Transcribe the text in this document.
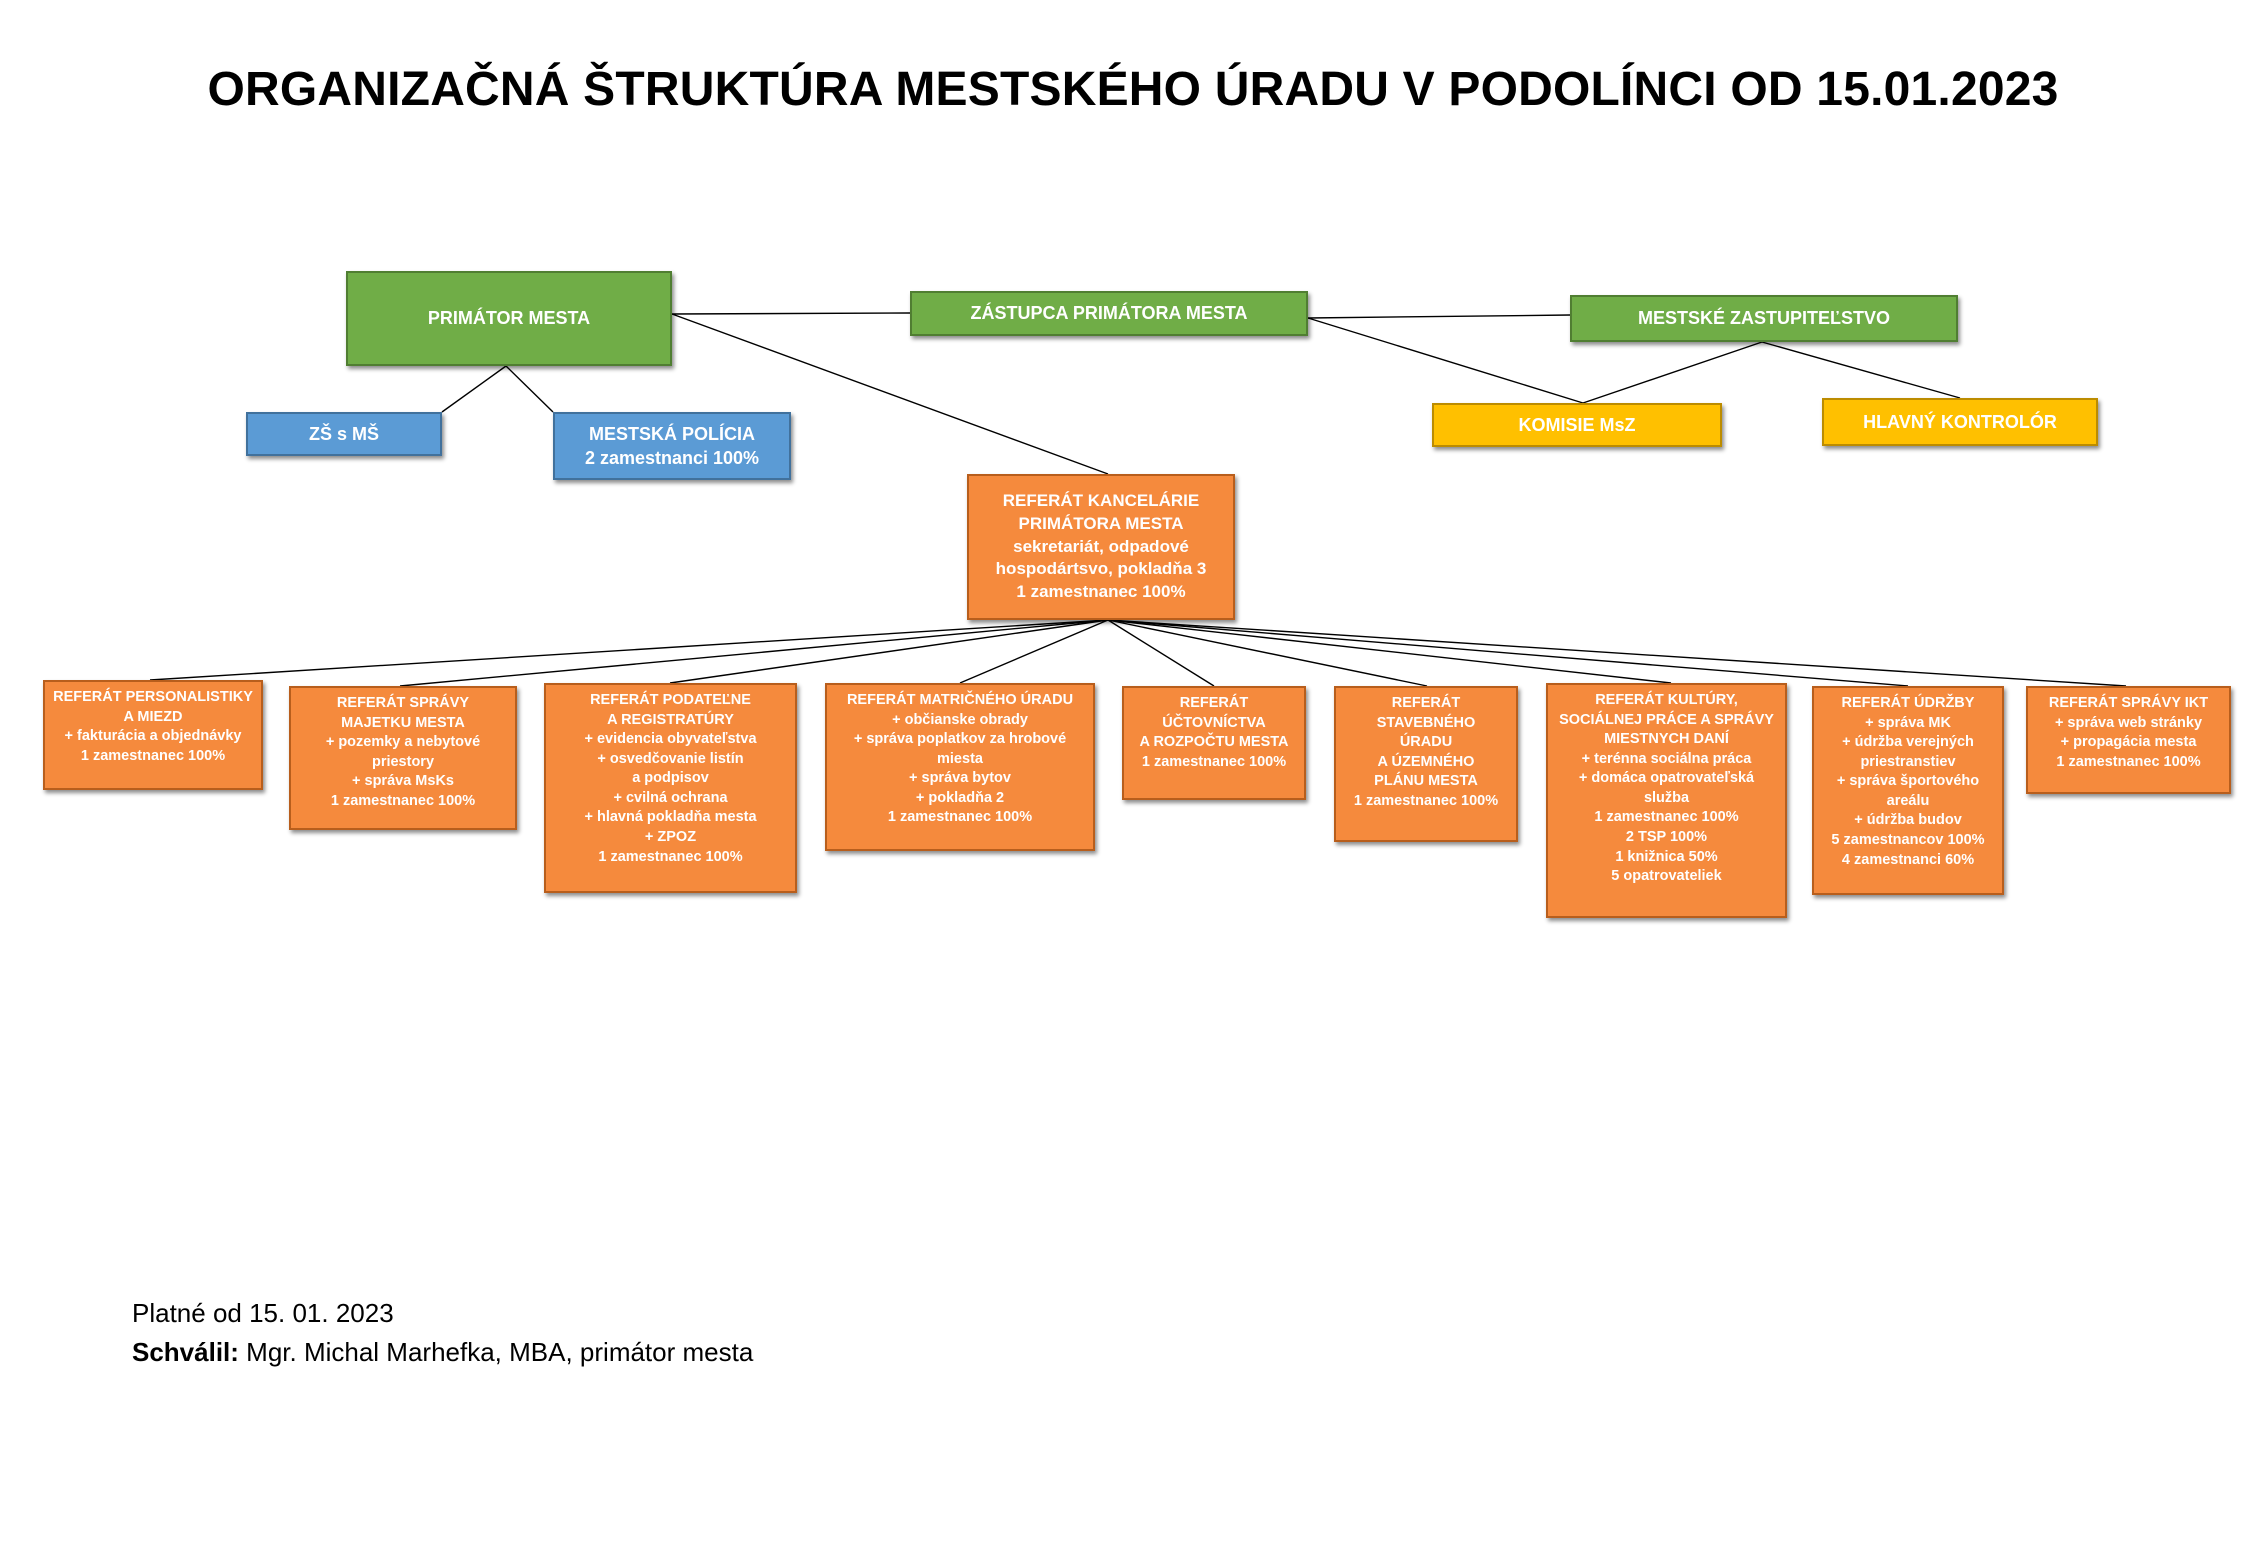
ORGANIZAČNÁ ŠTRUKTÚRA MESTSKÉHO ÚRADU V PODOLÍNCI OD 15.01.2023
PRIMÁTOR MESTA	ZÁSTUPCA PRIMÁTORA MESTA	MESTSKÉ ZASTUPITEĽSTVO
ZŠ s MŠ	MESTSKÁ POLÍCIA
2 zamestnanci 100%
KOMISIE MsZ	HLAVNÝ KONTROLÓR
REFERÁT KANCELÁRIE
PRIMÁTORA MESTA
sekretariát, odpadové
hospodártsvo, pokladňa 3
1 zamestnanec 100%
REFERÁT PERSONALISTIKY
A MIEZD
+ fakturácia a objednávky
1 zamestnanec 100%
REFERÁT SPRÁVY
MAJETKU MESTA
+ pozemky a nebytové
priestory
+ správa MsKs
1 zamestnanec 100%
REFERÁT PODATEĽNE
A REGISTRATÚRY
+ evidencia obyvateľstva
+ osvedčovanie listín
a podpisov
+ cvilná ochrana
+ hlavná pokladňa mesta
+ ZPOZ
1 zamestnanec 100%
REFERÁT MATRIČNÉHO ÚRADU
+ občianske obrady
+ správa poplatkov za hrobové
miesta
+ správa bytov
+ pokladňa 2
1 zamestnanec 100%
REFERÁT
ÚČTOVNÍCTVA
A ROZPOČTU MESTA
1 zamestnanec 100%
REFERÁT
STAVEBNÉHO
ÚRADU
A ÚZEMNÉHO
PLÁNU MESTA
1 zamestnanec 100%
REFERÁT KULTÚRY,
SOCIÁLNEJ PRÁCE A SPRÁVY
MIESTNYCH DANÍ
+ terénna sociálna práca
+ domáca opatrovateľská
služba
1 zamestnanec 100%
2 TSP 100%
1 knižnica 50%
5 opatrovateliek
REFERÁT ÚDRŽBY
+ správa MK
+ údržba verejných
priestranstiev
+ správa športového
areálu
+ údržba budov
5 zamestnancov 100%
4 zamestnanci 60%
REFERÁT SPRÁVY IKT
+ správa web stránky
+ propagácia mesta
1 zamestnanec 100%
Platné od 15. 01. 2023
Schválil: Mgr. Michal Marhefka, MBA, primátor mesta
